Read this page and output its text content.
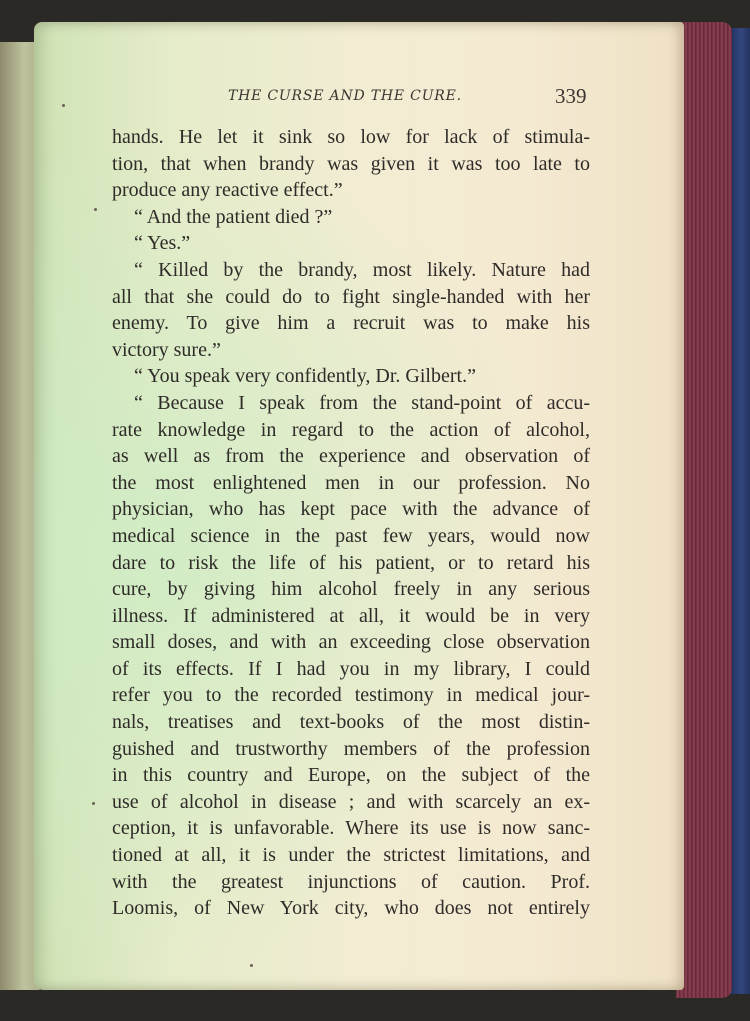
THE CURSE AND THE CURE.	339
hands. He let it sink so low for lack of stimula-
tion, that when brandy was given it was too late to
produce any reactive effect.”
“ And the patient died ?”
“ Yes.”
“ Killed by the brandy, most likely. Nature had
all that she could do to fight single-handed with her
enemy. To give him a recruit was to make his
victory sure.”
“ You speak very confidently, Dr. Gilbert.”
“ Because I speak from the stand-point of accu-
rate knowledge in regard to the action of alcohol,
as well as from the experience and observation of
the most enlightened men in our profession. No
physician, who has kept pace with the advance of
medical science in the past few years, would now
dare to risk the life of his patient, or to retard his
cure, by giving him alcohol freely in any serious
illness. If administered at all, it would be in very
small doses, and with an exceeding close observation
of its effects. If I had you in my library, I could
refer you to the recorded testimony in medical jour-
nals, treatises and text-books of the most distin-
guished and trustworthy members of the profession
in this country and Europe, on the subject of the
use of alcohol in disease ; and with scarcely an ex-
ception, it is unfavorable. Where its use is now sanc-
tioned at all, it is under the strictest limitations, and
with the greatest injunctions of caution. Prof.
Loomis, of New York city, who does not entirely
